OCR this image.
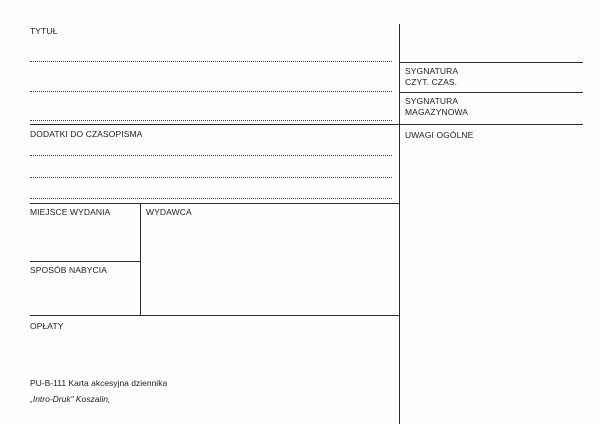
TYTUŁ
SYGNATURA
CZYT. CZAS.
SYGNATURA
MAGAZYNOWA
UWAGI OGÓLNE
DODATKI DO CZASOPISMA
MIEJSCE WYDANIA	WYDAWCA
SPOSÓB NABYCIA
OPŁATY
PU-B-111 Karta akcesyjna dziennika
„Intro-Druk” Koszalin,
